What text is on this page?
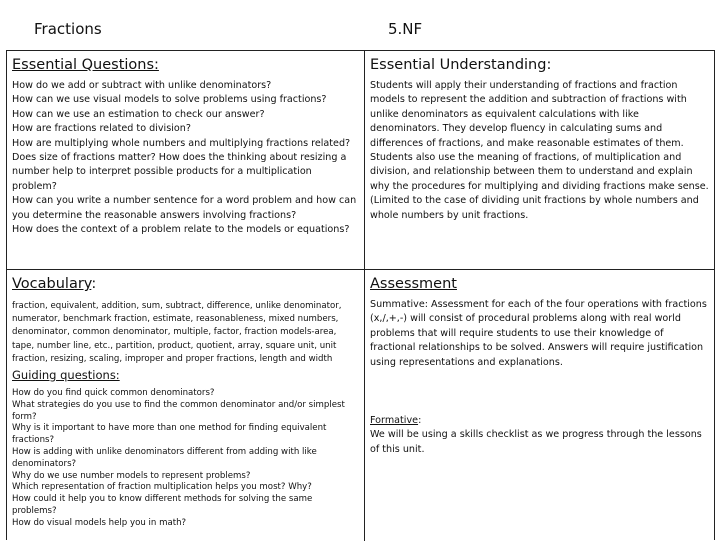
Fractions	5.NF
Essential Questions:
How do we add or subtract with unlike denominators?
How can we use visual models to solve problems using fractions?
How can we use an estimation to check our answer?
How are fractions related to division?
How are multiplying whole numbers and multiplying fractions related?
Does size of fractions matter? How does the thinking about resizing a number help to interpret possible products for a multiplication problem?
How can you write a number sentence for a word problem and how can you determine the reasonable answers involving fractions?
How does the context of a problem relate to the models or equations?
Essential Understanding:
Students will apply their understanding of fractions and fraction models to represent the addition and subtraction of fractions with unlike denominators as equivalent calculations with like denominators. They develop fluency in calculating sums and differences of fractions, and make reasonable estimates of them. Students also use the meaning of fractions, of multiplication and division, and relationship between them to understand and explain why the procedures for multiplying and dividing fractions make sense.(Limited to the case of dividing unit fractions by whole numbers and whole numbers by unit fractions.
Vocabulary:
fraction, equivalent, addition, sum, subtract, difference, unlike denominator, numerator, benchmark fraction, estimate, reasonableness, mixed numbers, denominator, common denominator, multiple, factor, fraction models-area, tape, number line, etc., partition, product, quotient, array, square unit, unit fraction, resizing, scaling, improper and proper fractions, length and width
Guiding questions:
How do you find quick common denominators?
What strategies do you use to find the common denominator and/or simplest form?
Why is it important to have more than one method for finding equivalent fractions?
How is adding with unlike denominators different from adding with like denominators?
Why do we use number models to represent problems?
Which representation of fraction multiplication helps you most? Why?
How could it help you to know different methods for solving the same problems?
How do visual models help you in math?
Assessment
Summative: Assessment for each of the four operations with fractions (x,/,+,-) will consist of procedural problems along with real world problems that will require students to use their knowledge of fractional relationships to be solved. Answers will require justification using representations and explanations.
Formative:
We will be using a skills checklist as we progress through the lessons of this unit.
